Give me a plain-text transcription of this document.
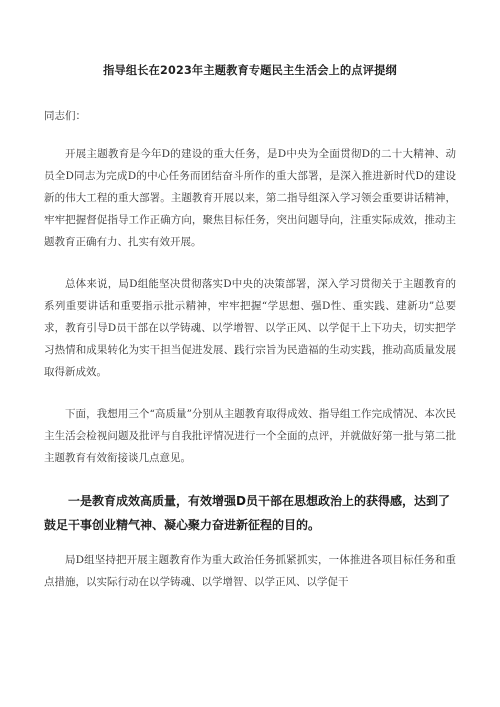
指导组长在2023年主题教育专题民主生活会上的点评提纲
同志们：

开展主题教育是今年D的建设的重大任务，是D中央为全面贯彻D的二十大精神、动员全D同志为完成D的中心任务而团结奋斗所作的重大部署，是深入推进新时代D的建设新的伟大工程的重大部署。主题教育开展以来，第二指导组深入学习领会重要讲话精神，牢牢把握督促指导工作正确方向，聚焦目标任务，突出问题导向，注重实际成效，推动主题教育正确有力、扎实有效开展。

总体来说，局D组能坚决贯彻落实D中央的决策部署，深入学习贯彻关于主题教育的系列重要讲话和重要指示批示精神，牢牢把握“学思想、强D性、重实践、建新功”总要求，教育引导D员干部在以学铸魂、以学增智、以学正风、以学促干上下功夫，切实把学习热情和成果转化为实干担当促进发展、践行宗旨为民造福的生动实践，推动高质量发展取得新成效。

下面，我想用三个“高质量”分别从主题教育取得成效、指导组工作完成情况、本次民主生活会检视问题及批评与自我批评情况进行一个全面的点评，并就做好第一批与第二批主题教育有效衔接谈几点意见。

一是教育成效高质量，有效增强D员干部在思想政治上的获得感，达到了鼓足干事创业精气神、凝心聚力奋进新征程的目的。

局D组坚持把开展主题教育作为重大政治任务抓紧抓实，一体推进各项目标任务和重点措施，以实际行动在以学铸魂、以学增智、以学正风、以学促干
